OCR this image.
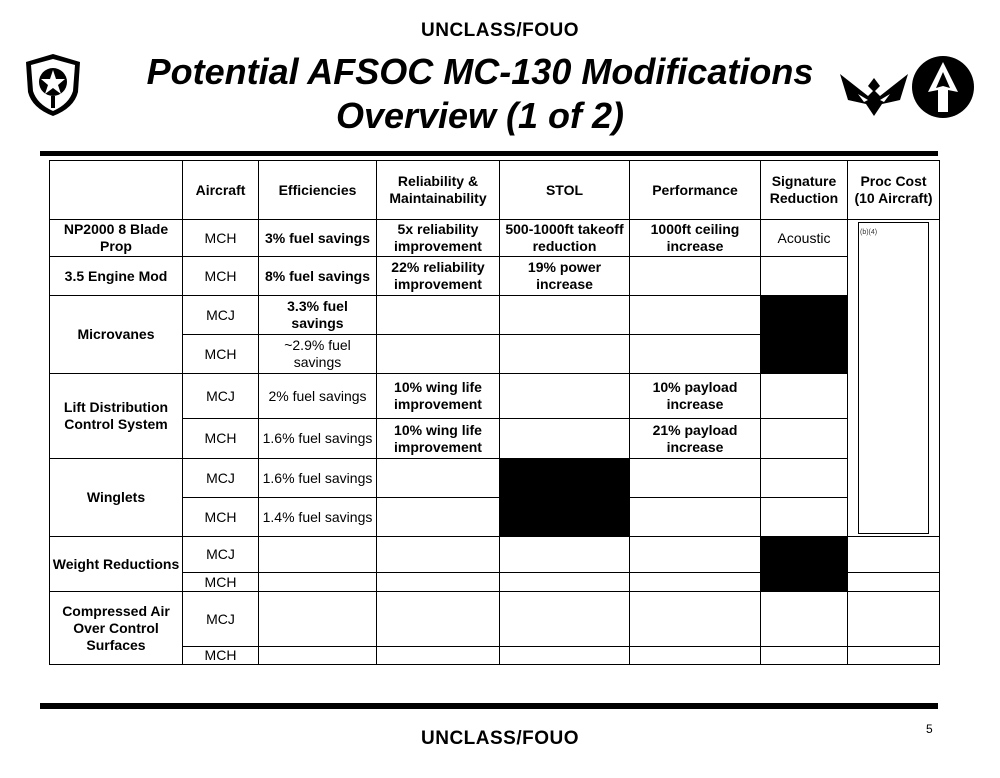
UNCLASS/FOUO
Potential AFSOC MC-130 Modifications
Overview (1 of 2)
	Aircraft	Efficiencies	Reliability & Maintainability	STOL	Performance	Signature Reduction	Proc Cost (10 Aircraft)
NP2000 8 Blade Prop	MCH	3% fuel savings	5x reliability improvement	500-1000ft takeoff reduction	1000ft ceiling increase	Acoustic	(b)(4)

3.5 Engine Mod	MCH	8% fuel savings	22% reliability improvement	19% power increase			
Microvanes	MCJ	3.3% fuel savings					
	MCH	~2.9% fuel savings					
Lift Distribution Control System	MCJ	2% fuel savings	10% wing life improvement		10% payload increase		
	MCH	1.6% fuel savings	10% wing life improvement		21% payload increase		
Winglets	MCJ	1.6% fuel savings					
	MCH	1.4% fuel savings					
Weight Reductions	MCJ						
	MCH						
Compressed Air Over Control Surfaces	MCJ						
	MCH						
5
UNCLASS/FOUO
